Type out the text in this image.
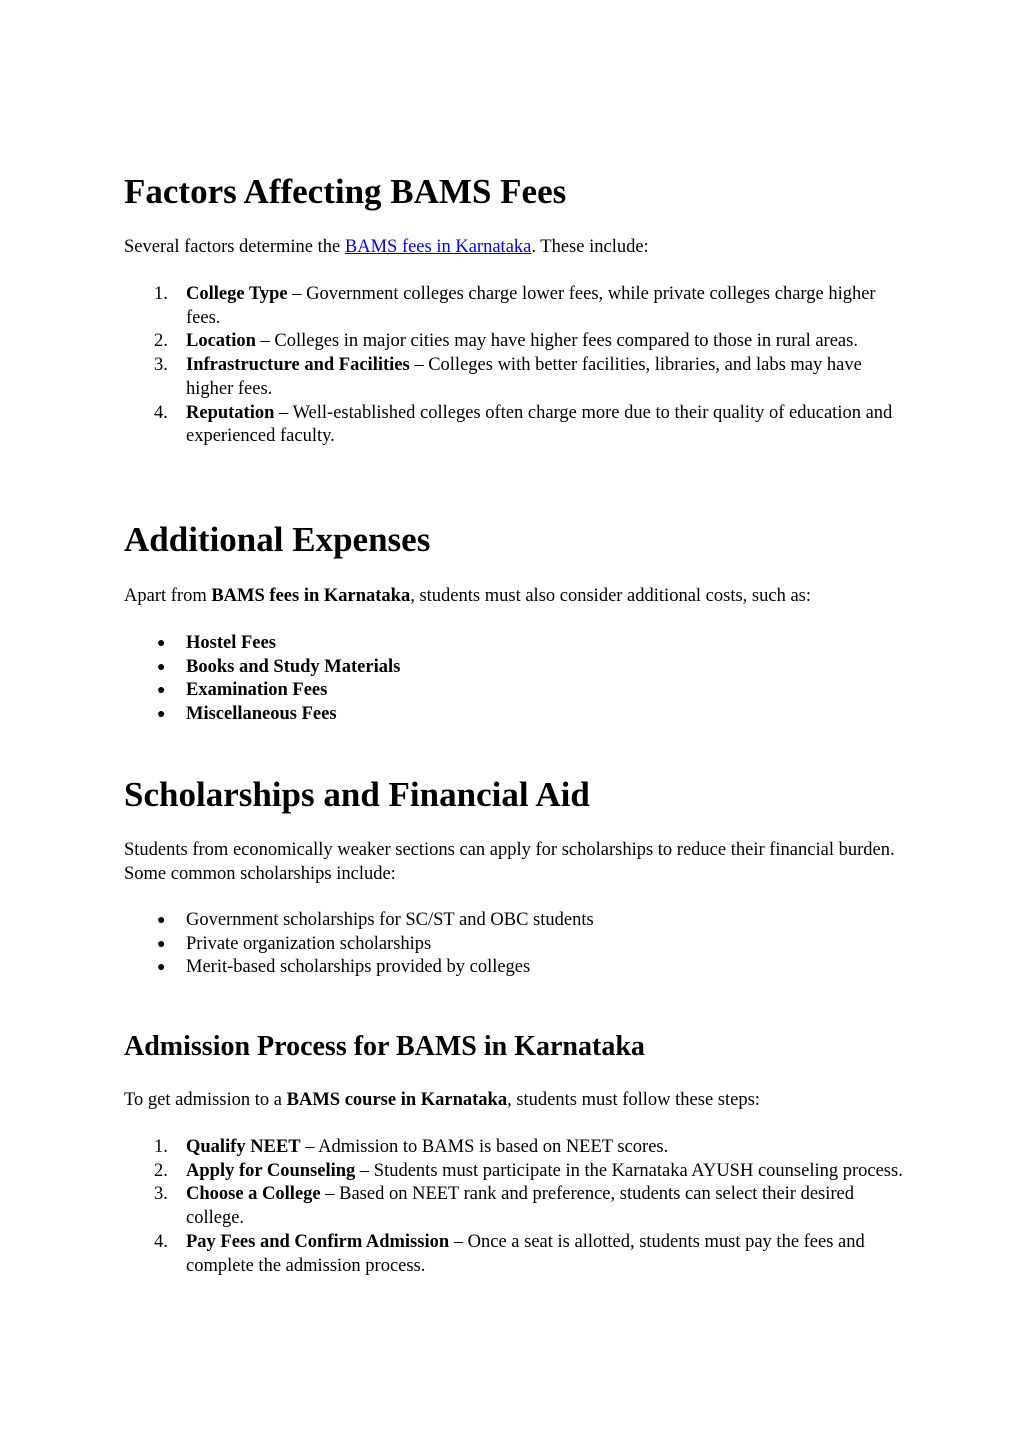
Factors Affecting BAMS Fees

Several factors determine the BAMS fees in Karnataka. These include:

1. College Type – Government colleges charge lower fees, while private colleges charge higher fees.
2. Location – Colleges in major cities may have higher fees compared to those in rural areas.
3. Infrastructure and Facilities – Colleges with better facilities, libraries, and labs may have higher fees.
4. Reputation – Well-established colleges often charge more due to their quality of education and experienced faculty.
Additional Expenses

Apart from BAMS fees in Karnataka, students must also consider additional costs, such as:

● Hostel Fees
● Books and Study Materials
● Examination Fees
● Miscellaneous Fees
Scholarships and Financial Aid

Students from economically weaker sections can apply for scholarships to reduce their financial burden. Some common scholarships include:

● Government scholarships for SC/ST and OBC students
● Private organization scholarships
● Merit-based scholarships provided by colleges
Admission Process for BAMS in Karnataka

To get admission to a BAMS course in Karnataka, students must follow these steps:

1. Qualify NEET – Admission to BAMS is based on NEET scores.
2. Apply for Counseling – Students must participate in the Karnataka AYUSH counseling process.
3. Choose a College – Based on NEET rank and preference, students can select their desired college.
4. Pay Fees and Confirm Admission – Once a seat is allotted, students must pay the fees and complete the admission process.
